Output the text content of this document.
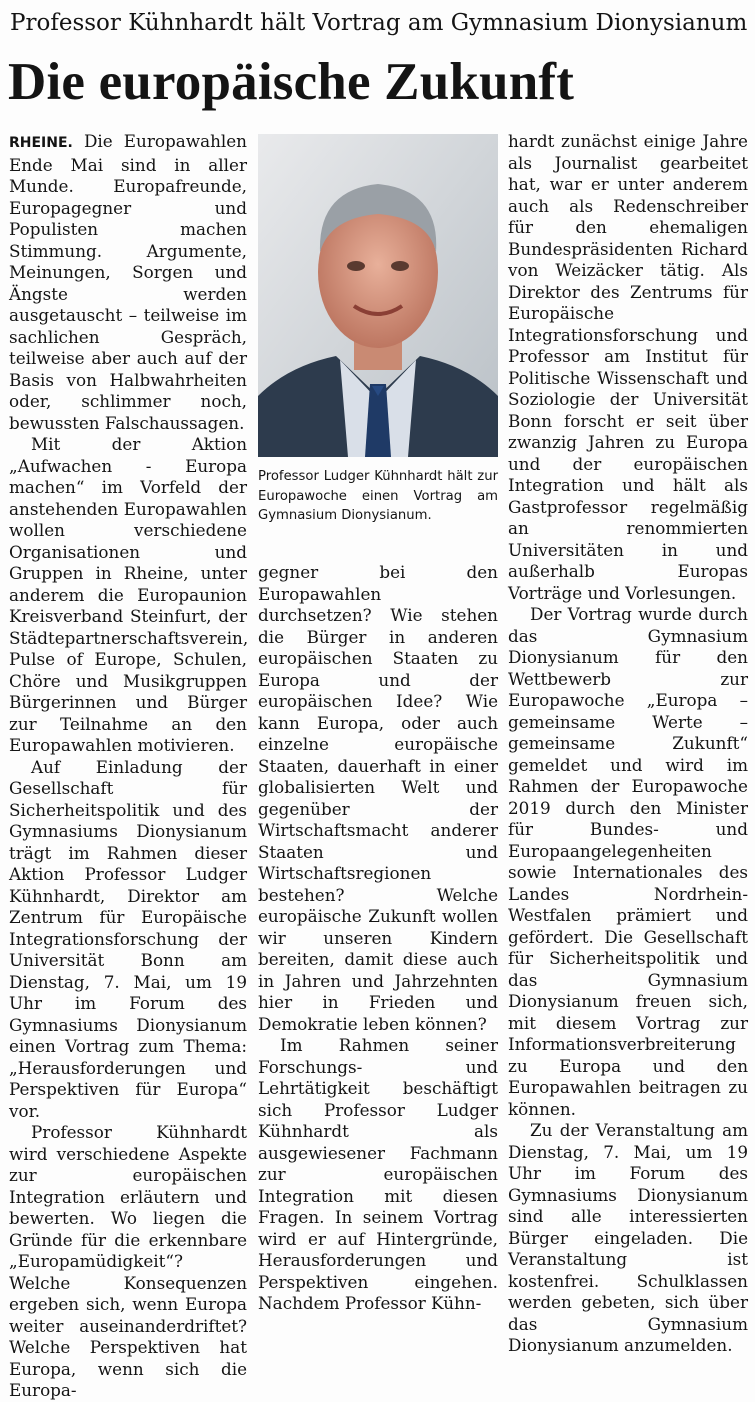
Professor Kühnhardt hält Vortrag am Gymnasium Dionysianum
Die europäische Zukunft

RHEINE. Die Europawahlen Ende Mai sind in aller Munde. Europafreunde, Europagegner und Populisten machen Stimmung. Argumente, Meinungen, Sorgen und Ängste werden ausgetauscht – teilweise im sachlichen Gespräch, teilweise aber auch auf der Basis von Halbwahrheiten oder, schlimmer noch, bewussten Falschaussagen.

Mit der Aktion „Aufwachen - Europa machen“ im Vorfeld der anstehenden Europawahlen wollen verschiedene Organisationen und Gruppen in Rheine, unter anderem die Europaunion Kreisverband Steinfurt, der Städtepartnerschaftsverein, Pulse of Europe, Schulen, Chöre und Musikgruppen Bürgerinnen und Bürger zur Teilnahme an den Europawahlen motivieren.

Auf Einladung der Gesellschaft für Sicherheitspolitik und des Gymnasiums Dionysianum trägt im Rahmen dieser Aktion Professor Ludger Kühnhardt, Direktor am Zentrum für Europäische Integrationsforschung der Universität Bonn am Dienstag, 7. Mai, um 19 Uhr im Forum des Gymnasiums Dionysianum einen Vortrag zum Thema: „Herausforderungen und Perspektiven für Europa“ vor.

Professor Kühnhardt wird verschiedene Aspekte zur europäischen Integration erläutern und bewerten. Wo liegen die Gründe für die erkennbare „Europamüdigkeit“? Welche Konsequenzen ergeben sich, wenn Europa weiter auseinanderdriftet? Welche Perspektiven hat Europa, wenn sich die Europa-

Professor Ludger Kühnhardt hält zur Europawoche einen Vortrag am Gymnasium Dionysianum.

gegner bei den Europawahlen durchsetzen? Wie stehen die Bürger in anderen europäischen Staaten zu Europa und der europäischen Idee? Wie kann Europa, oder auch einzelne europäische Staaten, dauerhaft in einer globalisierten Welt und gegenüber der Wirtschaftsmacht anderer Staaten und Wirtschaftsregionen bestehen? Welche europäische Zukunft wollen wir unseren Kindern bereiten, damit diese auch in Jahren und Jahrzehnten hier in Frieden und Demokratie leben können?

Im Rahmen seiner Forschungs- und Lehrtätigkeit beschäftigt sich Professor Ludger Kühnhardt als ausgewiesener Fachmann zur europäischen Integration mit diesen Fragen. In seinem Vortrag wird er auf Hintergründe, Herausforderungen und Perspektiven eingehen. Nachdem Professor Kühn-

hardt zunächst einige Jahre als Journalist gearbeitet hat, war er unter anderem auch als Redenschreiber für den ehemaligen Bundespräsidenten Richard von Weizäcker tätig. Als Direktor des Zentrums für Europäische Integrationsforschung und Professor am Institut für Politische Wissenschaft und Soziologie der Universität Bonn forscht er seit über zwanzig Jahren zu Europa und der europäischen Integration und hält als Gastprofessor regelmäßig an renommierten Universitäten in und außerhalb Europas Vorträge und Vorlesungen.

Der Vortrag wurde durch das Gymnasium Dionysianum für den Wettbewerb zur Europawoche „Europa – gemeinsame Werte – gemeinsame Zukunft“ gemeldet und wird im Rahmen der Europawoche 2019 durch den Minister für Bundes- und Europaangelegenheiten sowie Internationales des Landes Nordrhein-Westfalen prämiert und gefördert. Die Gesellschaft für Sicherheitspolitik und das Gymnasium Dionysianum freuen sich, mit diesem Vortrag zur Informationsverbreiterung zu Europa und den Europawahlen beitragen zu können.

Zu der Veranstaltung am Dienstag, 7. Mai, um 19 Uhr im Forum des Gymnasiums Dionysianum sind alle interessierten Bürger eingeladen. Die Veranstaltung ist kostenfrei. Schulklassen werden gebeten, sich über das Gymnasium Dionysianum anzumelden.
